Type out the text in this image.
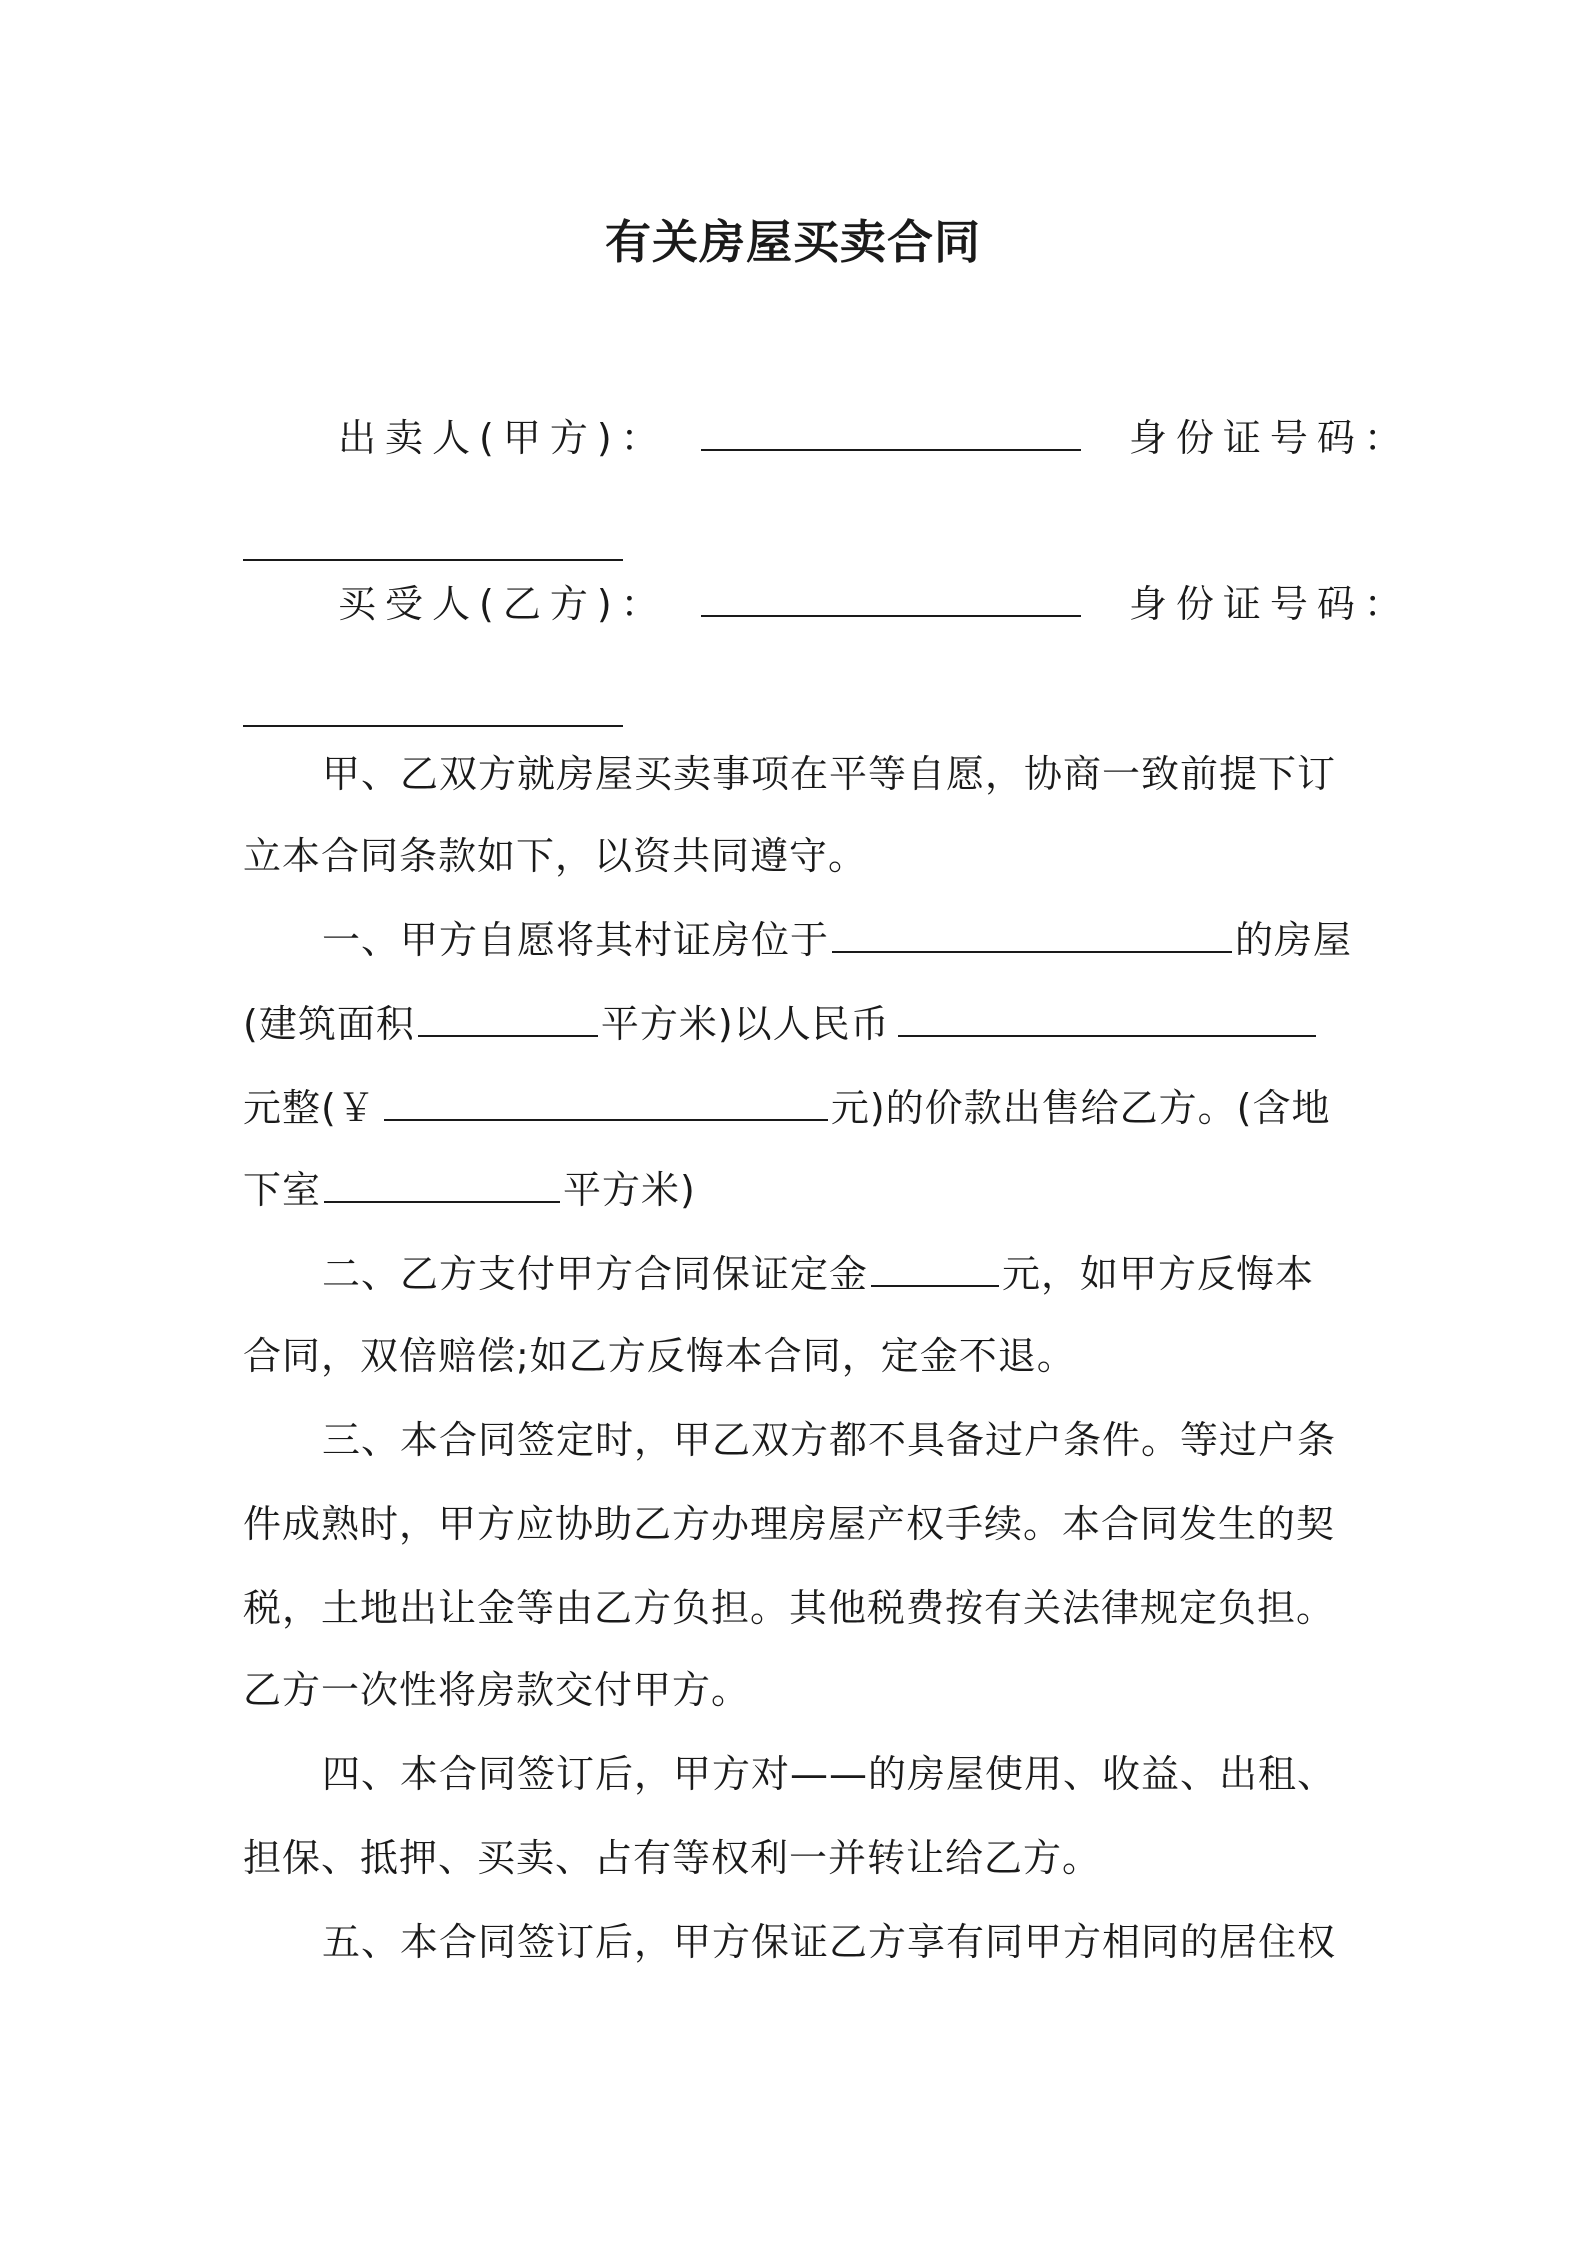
有关房屋买卖合同
出卖人(甲方)：	身份证号码：
买受人(乙方)：	身份证号码：
甲、乙双方就房屋买卖事项在平等自愿，协商一致前提下订
立本合同条款如下，以资共同遵守。
一、甲方自愿将其村证房位于	的房屋
(建筑面积	平方米)以人民币
元整(￥	元)的价款出售给乙方。(含地
下室	平方米)
二、乙方支付甲方合同保证定金	元，如甲方反悔本
合同，双倍赔偿;如乙方反悔本合同，定金不退。
三、本合同签定时，甲乙双方都不具备过户条件。等过户条
件成熟时，甲方应协助乙方办理房屋产权手续。本合同发生的契
税，土地出让金等由乙方负担。其他税费按有关法律规定负担。
乙方一次性将房款交付甲方。
四、本合同签订后，甲方对——的房屋使用、收益、出租、
担保、抵押、买卖、占有等权利一并转让给乙方。
五、本合同签订后，甲方保证乙方享有同甲方相同的居住权
